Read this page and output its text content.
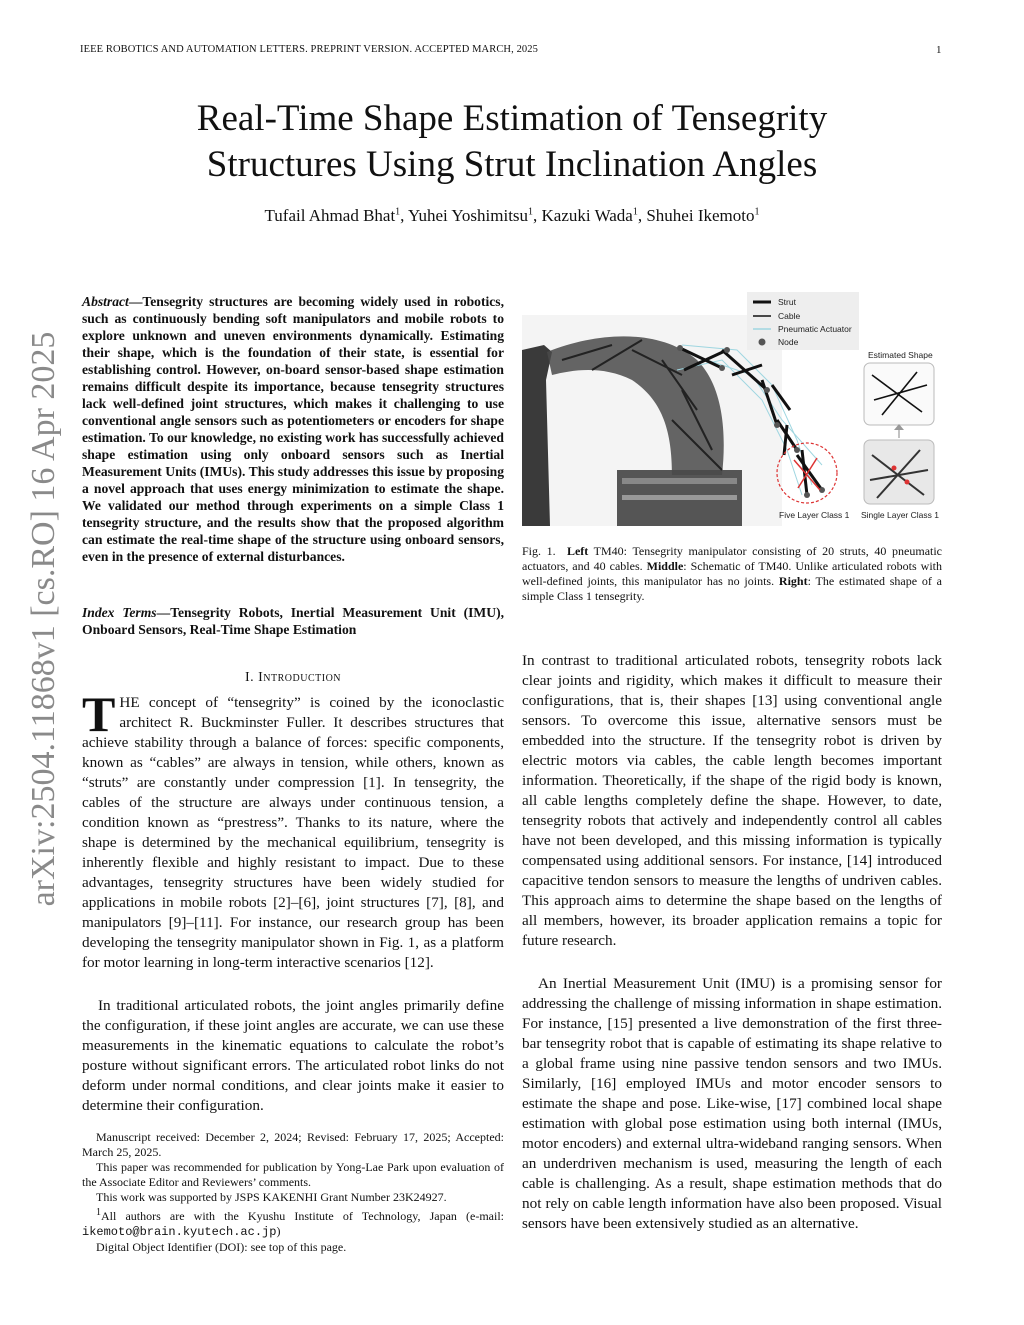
IEEE ROBOTICS AND AUTOMATION LETTERS. PREPRINT VERSION. ACCEPTED MARCH, 2025	1
Real-Time Shape Estimation of Tensegrity
Structures Using Strut Inclination Angles
Tufail Ahmad Bhat$^1$, Yuhei Yoshimitsu$^1$, Kazuki Wada$^1$, Shuhei Ikemoto$^1$
arXiv:2504.11868v1 [cs.RO] 16 Apr 2025
Abstract—Tensegrity structures are becoming widely used in robotics, such as continuously bending soft manipulators and mobile robots to explore unknown and uneven environments dynamically. Estimating their shape, which is the foundation of their state, is essential for establishing control. However, on-board sensor-based shape estimation remains difficult despite its importance, because tensegrity structures lack well-defined joint structures, which makes it challenging to use conventional angle sensors such as potentiometers or encoders for shape estimation. To our knowledge, no existing work has successfully achieved shape estimation using only onboard sensors such as Inertial Measurement Units (IMUs). This study addresses this issue by proposing a novel approach that uses energy minimization to estimate the shape. We validated our method through experiments on a simple Class 1 tensegrity structure, and the results show that the proposed algorithm can estimate the real-time shape of the structure using onboard sensors, even in the presence of external disturbances.
Index Terms—Tensegrity Robots, Inertial Measurement Unit (IMU), Onboard Sensors, Real-Time Shape Estimation
I. Introduction
THE concept of “tensegrity” is coined by the iconoclastic architect R. Buckminster Fuller. It describes structures that achieve stability through a balance of forces: specific components, known as “cables” are always in tension, while others, known as “struts” are constantly under compression [1]. In tensegrity, the cables of the structure are always under continuous tension, a condition known as “prestress”. Thanks to its nature, where the shape is determined by the mechanical equilibrium, tensegrity is inherently flexible and highly resistant to impact. Due to these advantages, tensegrity structures have been widely studied for applications in mobile robots [2]–[6], joint structures [7], [8], and manipulators [9]–[11]. For instance, our research group has been developing the tensegrity manipulator shown in Fig. 1, as a platform for motor learning in long-term interactive scenarios [12].

In traditional articulated robots, the joint angles primarily define the configuration, if these joint angles are accurate, we can use these measurements in the kinematic equations to calculate the robot’s posture without significant errors. The articulated robot links do not deform under normal conditions, and clear joints make it easier to determine their configuration.

Manuscript received: December 2, 2024; Revised: February 17, 2025; Accepted: March 25, 2025.
This paper was recommended for publication by Yong-Lae Park upon evaluation of the Associate Editor and Reviewers’ comments.
This work was supported by JSPS KAKENHI Grant Number 23K24927.
$^1$All authors are with the Kyushu Institute of Technology, Japan (e-mail: ikemoto@brain.kyutech.ac.jp)
Digital Object Identifier (DOI): see top of this page.
Strut
Cable
Pneumatic Actuator
Node
Estimated Shape
Five Layer Class 1 Single Layer Class 1
Fig. 1. Left TM40: Tensegrity manipulator consisting of 20 struts, 40 pneumatic actuators, and 40 cables. Middle: Schematic of TM40. Unlike articulated robots with well-defined joints, this manipulator has no joints. Right: The estimated shape of a simple Class 1 tensegrity.

In contrast to traditional articulated robots, tensegrity robots lack clear joints and rigidity, which makes it difficult to measure their configurations, that is, their shapes [13] using conventional angle sensors. To overcome this issue, alternative sensors must be embedded into the structure. If the tensegrity robot is driven by electric motors via cables, the cable length becomes important information. Theoretically, if the shape of the rigid body is known, all cable lengths completely define the shape. However, to date, tensegrity robots that actively and independently control all cables have not been developed, and this missing information is typically compensated using additional sensors. For instance, [14] introduced capacitive tendon sensors to measure the lengths of undriven cables. This approach aims to determine the shape based on the lengths of all members, however, its broader application remains a topic for future research.

An Inertial Measurement Unit (IMU) is a promising sensor for addressing the challenge of missing information in shape estimation. For instance, [15] presented a live demonstration of the first three-bar tensegrity robot that is capable of estimating its shape relative to a global frame using nine passive tendon sensors and two IMUs. Similarly, [16] employed IMUs and motor encoder sensors to estimate the shape and pose. Like-wise, [17] combined local shape estimation with global pose estimation using both internal (IMUs, motor encoders) and external ultra-wideband ranging sensors. When an underdriven mechanism is used, measuring the length of each cable is challenging. As a result, shape estimation methods that do not rely on cable length information have also been proposed. Visual sensors have been extensively studied as an alternative.
